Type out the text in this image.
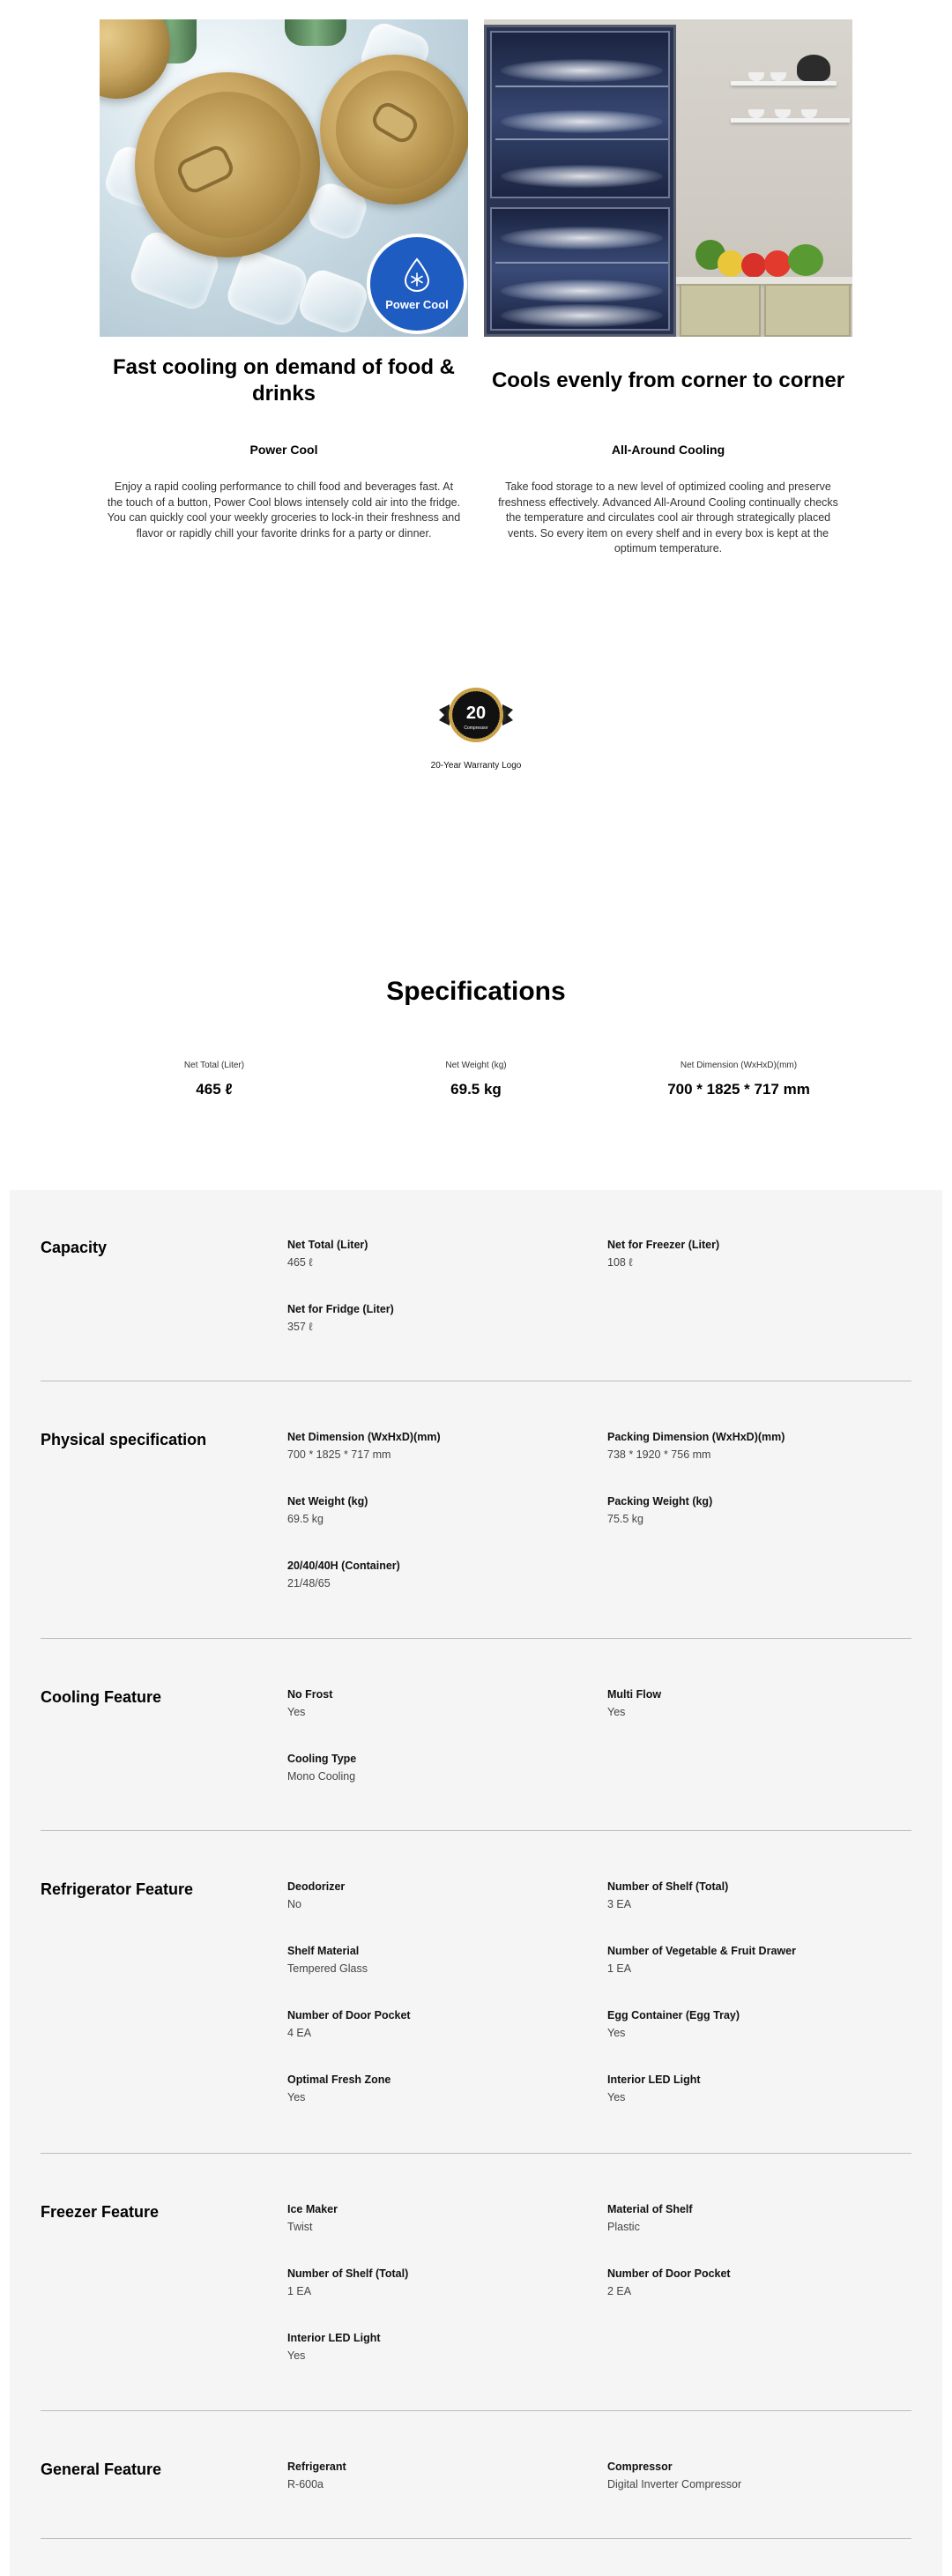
Power Cool
Fast cooling on demand of food & drinks
Power Cool
Enjoy a rapid cooling performance to chill food and beverages fast. At the touch of a button, Power Cool blows intensely cold air into the fridge. You can quickly cool your weekly groceries to lock-in their freshness and flavor or rapidly chill your favorite drinks for a party or dinner.
Cools evenly from corner to corner
All-Around Cooling
Take food storage to a new level of optimized cooling and preserve freshness effectively. Advanced All-Around Cooling continually checks the temperature and circulates cool air through strategically placed vents. So every item on every shelf and in every box is kept at the optimum temperature.
20
Compressor
20-Year Warranty Logo
Specifications
Net Total (Liter)
465 ℓ
Net Weight (kg)
69.5 kg
Net Dimension (WxHxD)(mm)
700 * 1825 * 717 mm
Capacity	Net Total (Liter)
465 ℓ
Net for Freezer (Liter)
108 ℓ
Net for Fridge (Liter)
357 ℓ
Physical specification	Net Dimension (WxHxD)(mm)
700 * 1825 * 717 mm
Packing Dimension (WxHxD)(mm)
738 * 1920 * 756 mm
Net Weight (kg)
69.5 kg
Packing Weight (kg)
75.5 kg
20/40/40H (Container)
21/48/65
Cooling Feature	No Frost
Yes
Multi Flow
Yes
Cooling Type
Mono Cooling
Refrigerator Feature	Deodorizer
No
Number of Shelf (Total)
3 EA
Shelf Material
Tempered Glass
Number of Vegetable & Fruit Drawer
1 EA
Number of Door Pocket
4 EA
Egg Container (Egg Tray)
Yes
Optimal Fresh Zone
Yes
Interior LED Light
Yes
Freezer Feature	Ice Maker
Twist
Material of Shelf
Plastic
Number of Shelf (Total)
1 EA
Number of Door Pocket
2 EA
Interior LED Light
Yes
General Feature	Refrigerant
R-600a
Compressor
Digital Inverter Compressor
